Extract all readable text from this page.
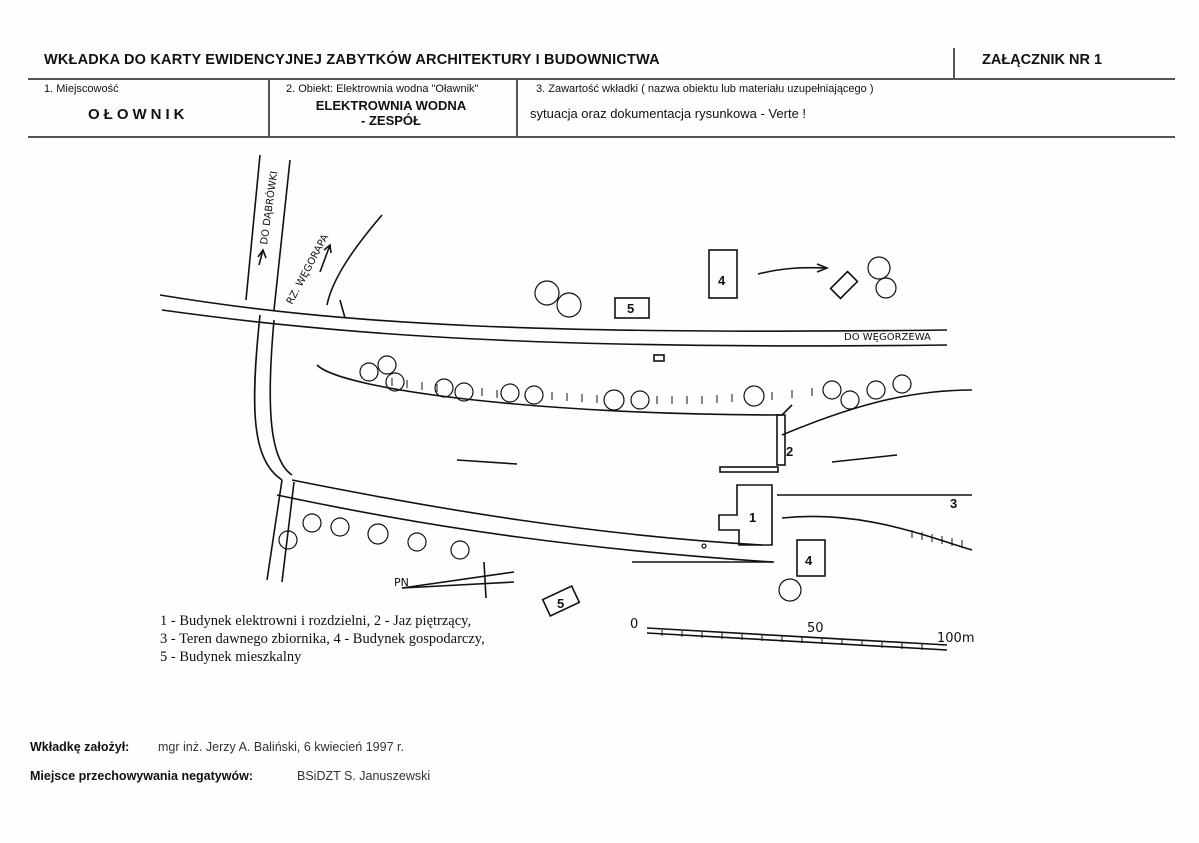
WKŁADKA DO KARTY EWIDENCYJNEJ ZABYTKÓW ARCHITEKTURY I BUDOWNICTWA	ZAŁĄCZNIK NR 1
1. Miejscowość
OŁOWNIK
2. Obiekt: Elektrownia wodna "Oławnik"
ELEKTROWNIA WODNA
- ZESPÓŁ
3. Zawartość wkładki ( nazwa obiektu lub materiału uzupełniającego )
sytuacja oraz dokumentacja rysunkowa - Verte !
DO DĄBRÓWKI
RZ. WĘGORAPA
DO WĘGORZEWA
PN
0	50
100m
1
2
3
4
4
5
5
1 - Budynek elektrowni i rozdzielni, 2 - Jaz piętrzący,
3 - Teren dawnego zbiornika, 4 - Budynek gospodarczy,
5 - Budynek mieszkalny
Wkładkę założył: mgr inż. Jerzy A. Baliński, 6 kwiecień 1997 r.
Miejsce przechowywania negatywów:	BSiDZT S. Januszewski
